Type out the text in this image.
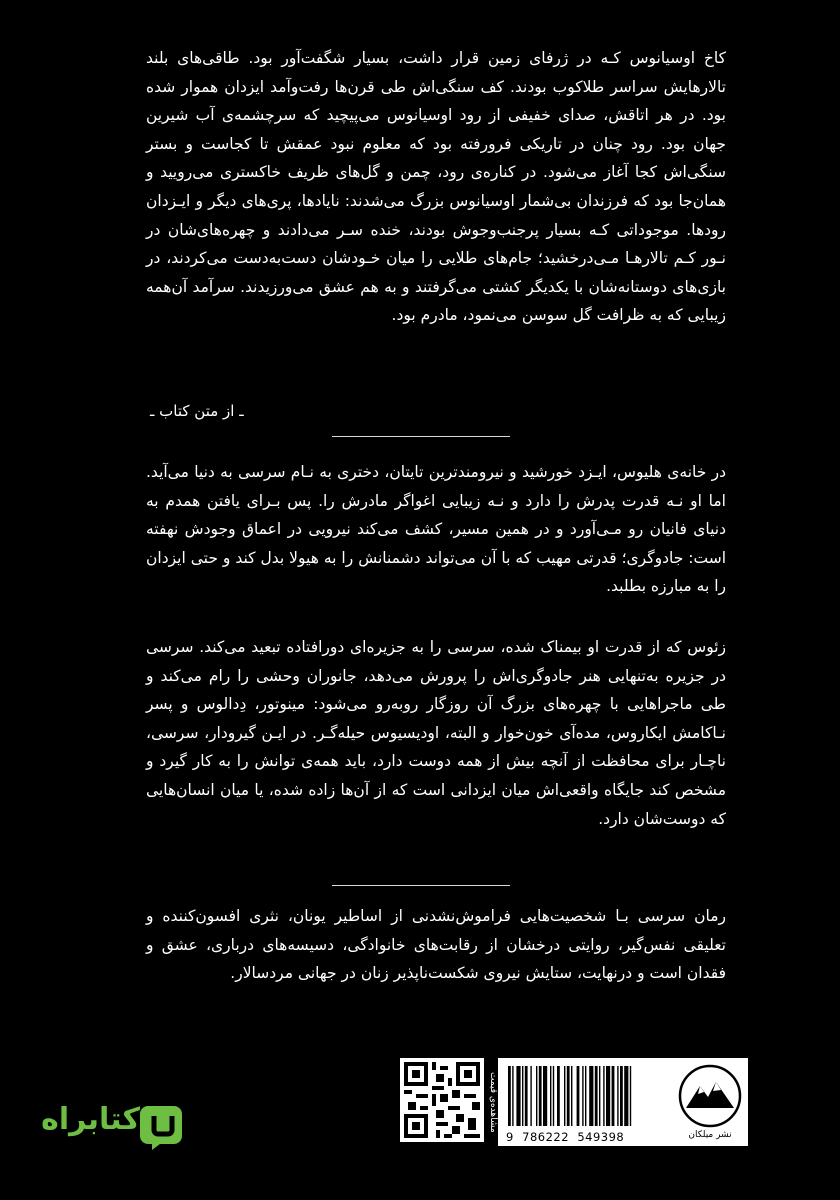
کاخ اوسیانوس کـه در ژرفای زمین قرار داشت، بسیار شگفت‌آور بود. طاقی‌های بلند تالارهایش سراسر طلاکوب بودند. کف سنگی‌اش طی قرن‌ها رفت‌وآمد ایزدان هموار شده بود. در هر اتاقش، صدای خفیفی از رود اوسیانوس می‌پیچید که سرچشمه‌ی آب شیرین جهان بود. رود چنان در تاریکی فرورفته بود که معلوم نبود عمقش تا کجاست و بستر سنگی‌اش کجا آغاز می‌شود. در کناره‌ی رود، چمن و گل‌های ظریف خاکستری می‌رویید و همان‌جا بود که فرزندان بی‌شمار اوسیانوس بزرگ می‌شدند: نایادها، پری‌های دیگر و ایـزدان رودها. موجوداتی کـه بسیار پرجنب‌وجوش بودند، خنده سـر می‌دادند و چهره‌های‌شان در نـور کـم تالارهـا مـی‌درخشید؛ جام‌های طلایی را میان خـودشان دست‌به‌دست می‌کردند، در بازی‌های دوستانه‌شان با یکدیگر کشتی می‌گرفتند و به هم عشق می‌ورزیدند. سرآمد آن‌همه زیبایی که به ظرافت گل سوسن می‌نمود، مادرم بود.

ـ از متن کتاب ـ

در خانه‌ی هلیوس، ایـزد خورشید و نیرومندترین تایتان، دختری به نـام سرسی به دنیا می‌آید. اما او نـه قدرت پدرش را دارد و نـه زیبایی اغواگر مادرش را. پس بـرای یافتن همدم به دنیای فانیان رو مـی‌آورد و در همین مسیر، کشف می‌کند نیرویی در اعماق وجودش نهفته است: جادوگری؛ قدرتی مهیب که با آن می‌تواند دشمنانش را به هیولا بدل کند و حتی ایزدان را به مبارزه بطلبد.

زئوس که از قدرت او بیمناک شده، سرسی را به جزیره‌ای دورافتاده تبعید می‌کند. سرسی در جزیره به‌تنهایی هنر جادوگری‌اش را پرورش می‌دهد، جانوران وحشی را رام می‌کند و طی ماجراهایی با چهره‌های بزرگ آن روزگار روبه‌رو می‌شود: مینوتور، دِدالوس و پسر نـاکامش ایکاروس، مده‌آی خون‌خوار و البته، اودیسیوس حیله‌گـر. در ایـن گیرودار، سرسی، ناچـار برای محافظت از آنچه بیش از همه دوست دارد، باید همه‌ی توانش را به کار گیرد و مشخص کند جایگاه واقعی‌اش میان ایزدانی است که از آن‌ها زاده شده، یا میان انسان‌هایی که دوست‌شان دارد.

رمان سرسی بـا شخصیت‌هایی فراموش‌نشدنی از اساطیر یونان، نثری افسون‌کننده و تعلیقی نفس‌گیر، روایتی درخشان از رقابت‌های خانوادگی، دسیسه‌های درباری، عشق و فقدان است و درنهایت، ستایش نیروی شکست‌ناپذیر زنان در جهانی مردسالار.

مشاهده‌ی قیمت
9  786222  549398	نشر میلکان
کتابراه
